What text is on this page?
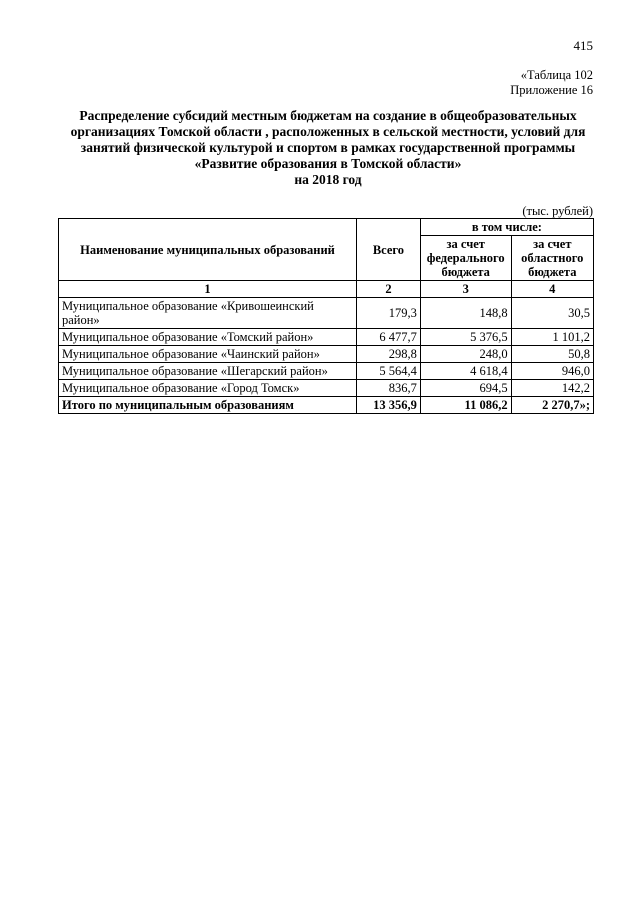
415
«Таблица 102
Приложение 16
Распределение субсидий местным бюджетам на создание в общеобразовательных организациях Томской области , расположенных в сельской местности, условий для занятий физической культурой и спортом в рамках государственной программы «Развитие образования в Томской области»
на 2018 год
(тыс. рублей)
Наименование муниципальных образований	Всего	в том числе:	
		за счет федерального бюджета	за счет областного бюджета
1	2	3	4
Муниципальное образование «Кривошеинский район»	179,3	148,8	30,5
Муниципальное образование «Томский район»	6 477,7	5 376,5	1 101,2
Муниципальное образование «Чаинский район»	298,8	248,0	50,8
Муниципальное образование «Шегарский район»	5 564,4	4 618,4	946,0
Муниципальное образование «Город Томск»	836,7	694,5	142,2
Итого по муниципальным образованиям	13 356,9	11 086,2	2 270,7»;
